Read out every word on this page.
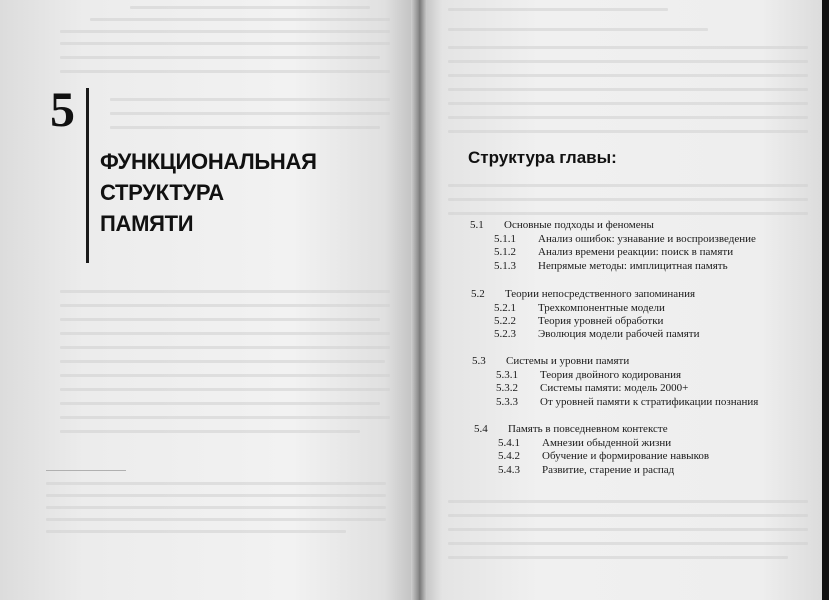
5
ФУНКЦИОНАЛЬНАЯ
СТРУКТУРА
ПАМЯТИ
Структура главы:
5.1 Основные подходы и феномены
5.1.1 Анализ ошибок: узнавание и воспроизведение
5.1.2 Анализ времени реакции: поиск в памяти
5.1.3 Непрямые методы: имплицитная память
5.2 Теории непосредственного запоминания
5.2.1 Трехкомпонентные модели
5.2.2 Теория уровней обработки
5.2.3 Эволюция модели рабочей памяти
5.3 Системы и уровни памяти
5.3.1 Теория двойного кодирования
5.3.2 Системы памяти: модель 2000+
5.3.3 От уровней памяти к стратификации познания
5.4 Память в повседневном контексте
5.4.1 Амнезии обыденной жизни
5.4.2 Обучение и формирование навыков
5.4.3 Развитие, старение и распад
